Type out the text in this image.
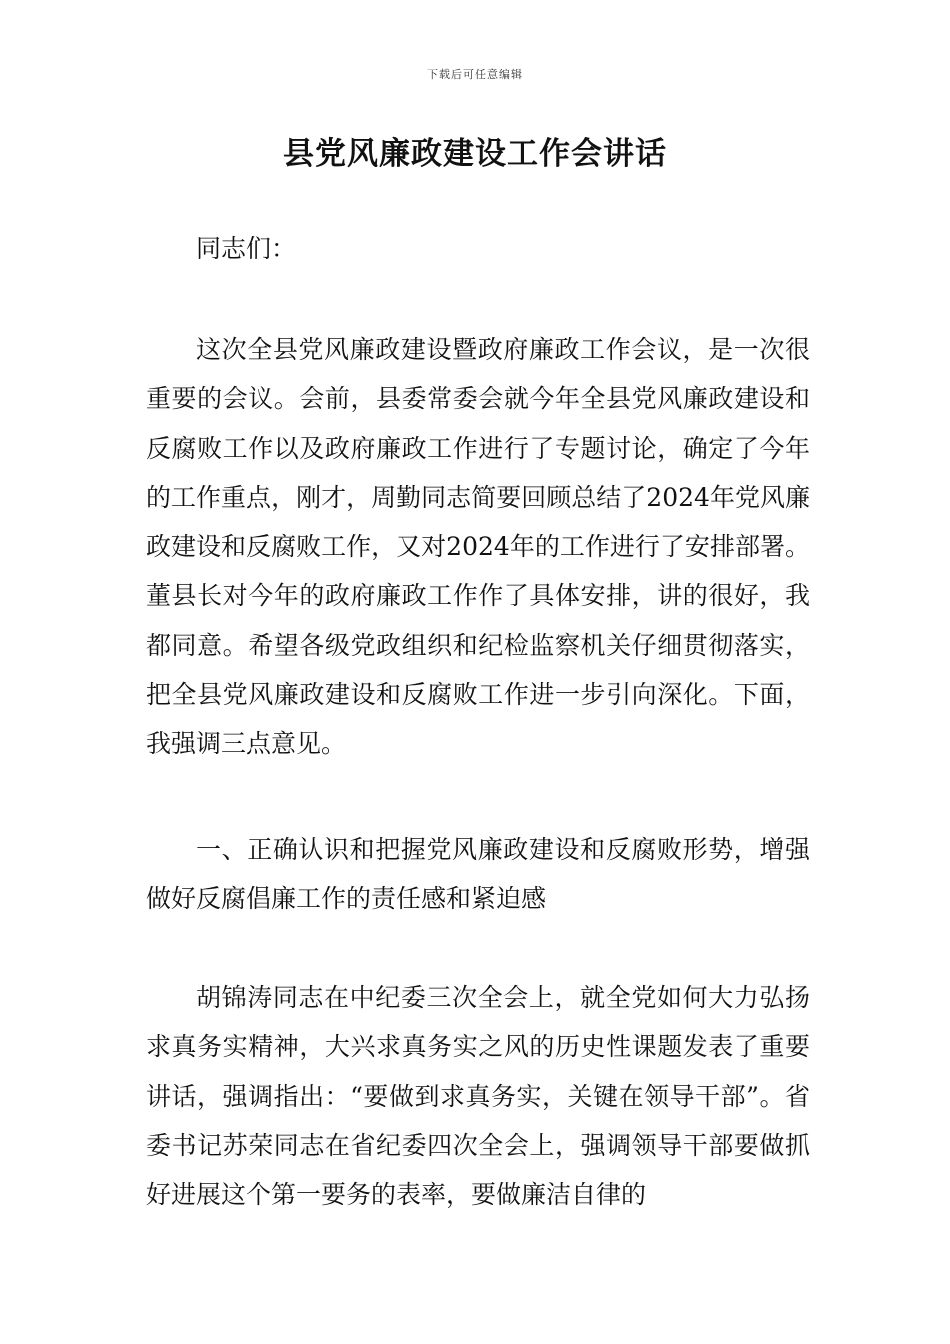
下载后可任意编辑
县党风廉政建设工作会讲话
同志们：
这次全县党风廉政建设暨政府廉政工作会议，是一次很重要的会议。会前，县委常委会就今年全县党风廉政建设和反腐败工作以及政府廉政工作进行了专题讨论，确定了今年的工作重点，刚才，周勤同志简要回顾总结了2024年党风廉政建设和反腐败工作，又对2024年的工作进行了安排部署。董县长对今年的政府廉政工作作了具体安排，讲的很好，我都同意。希望各级党政组织和纪检监察机关仔细贯彻落实，把全县党风廉政建设和反腐败工作进一步引向深化。下面，我强调三点意见。
一、正确认识和把握党风廉政建设和反腐败形势，增强做好反腐倡廉工作的责任感和紧迫感
胡锦涛同志在中纪委三次全会上，就全党如何大力弘扬求真务实精神，大兴求真务实之风的历史性课题发表了重要讲话，强调指出：“要做到求真务实，关键在领导干部”。省委书记苏荣同志在省纪委四次全会上，强调领导干部要做抓好进展这个第一要务的表率，要做廉洁自律的
